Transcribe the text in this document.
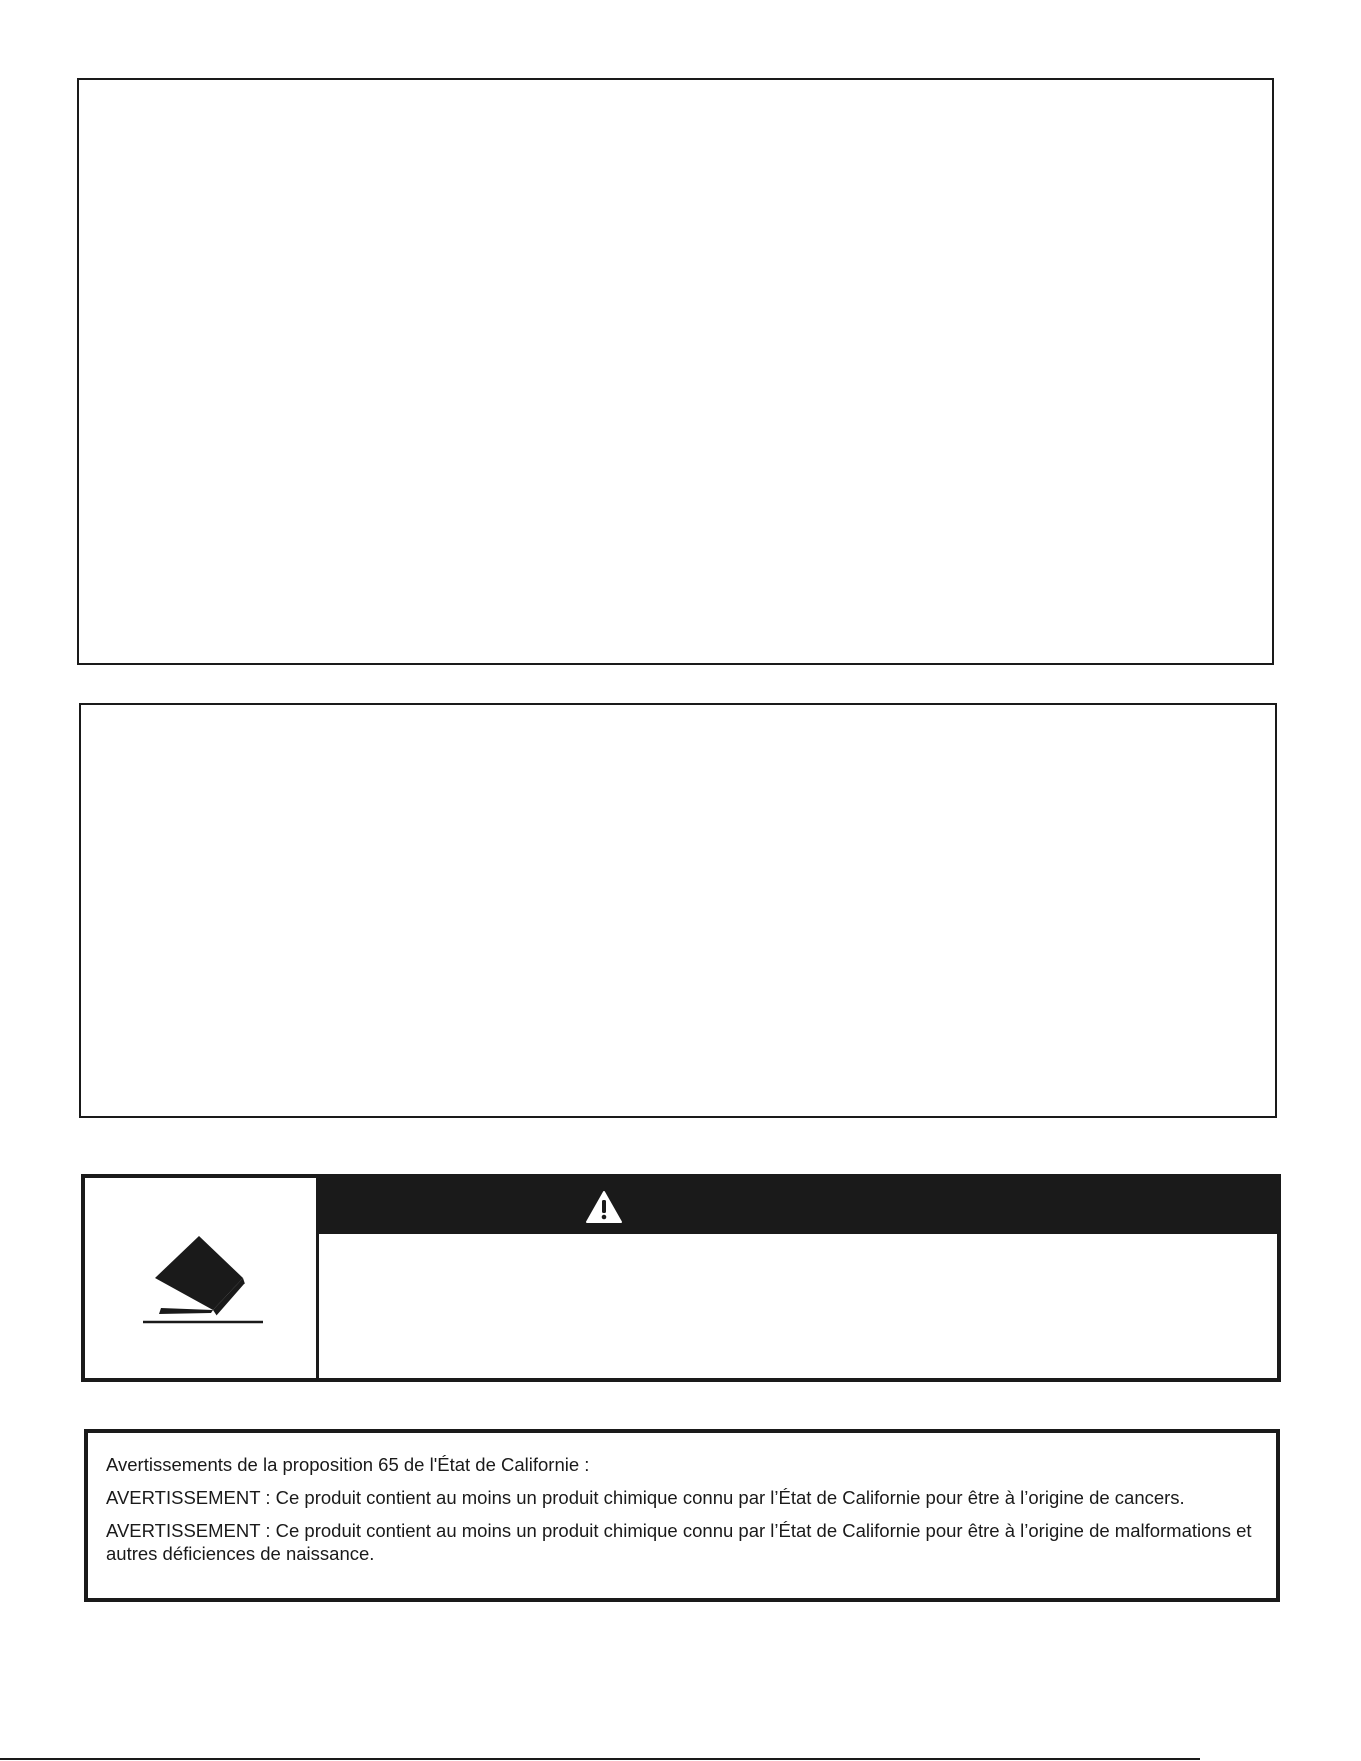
Avertissements de la proposition 65 de l'État de Californie :

AVERTISSEMENT : Ce produit contient au moins un produit chimique connu par l’État de Californie pour être à l’origine de cancers.

AVERTISSEMENT : Ce produit contient au moins un produit chimique connu par l’État de Californie pour être à l’origine de malformations et autres déficiences de naissance.
